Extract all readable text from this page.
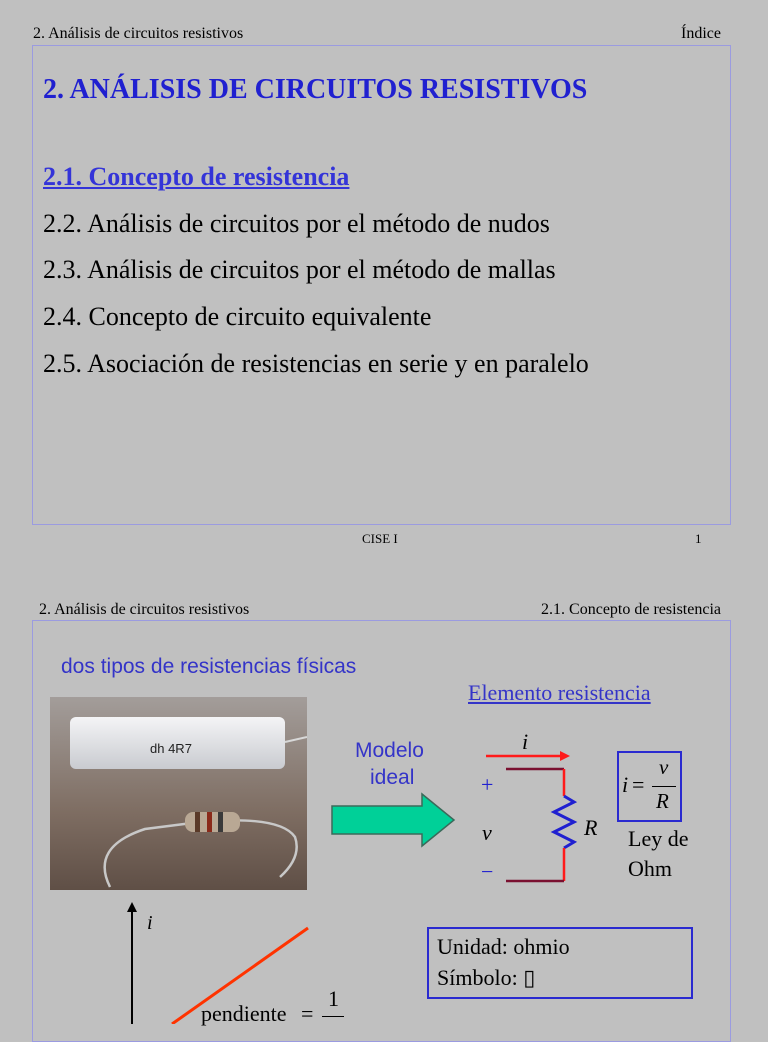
2. Análisis de circuitos resistivos	Índice
2. ANÁLISIS DE CIRCUITOS RESISTIVOS
2.1. Concepto de resistencia
2.2. Análisis de circuitos por el método de nudos
2.3. Análisis de circuitos por el método de mallas
2.4. Concepto de circuito equivalente
2.5. Asociación de resistencias en serie y en paralelo
CISE I	1
2. Análisis de circuitos resistivos	2.1. Concepto de resistencia
dos tipos de resistencias físicas
dh 4R7	Modelo
ideal
Elemento resistencia
i
+
v
−
R
i =
v
R
Ley de
Ohm
i
pendiente =
1
Unidad: ohmio
Símbolo: ▯
